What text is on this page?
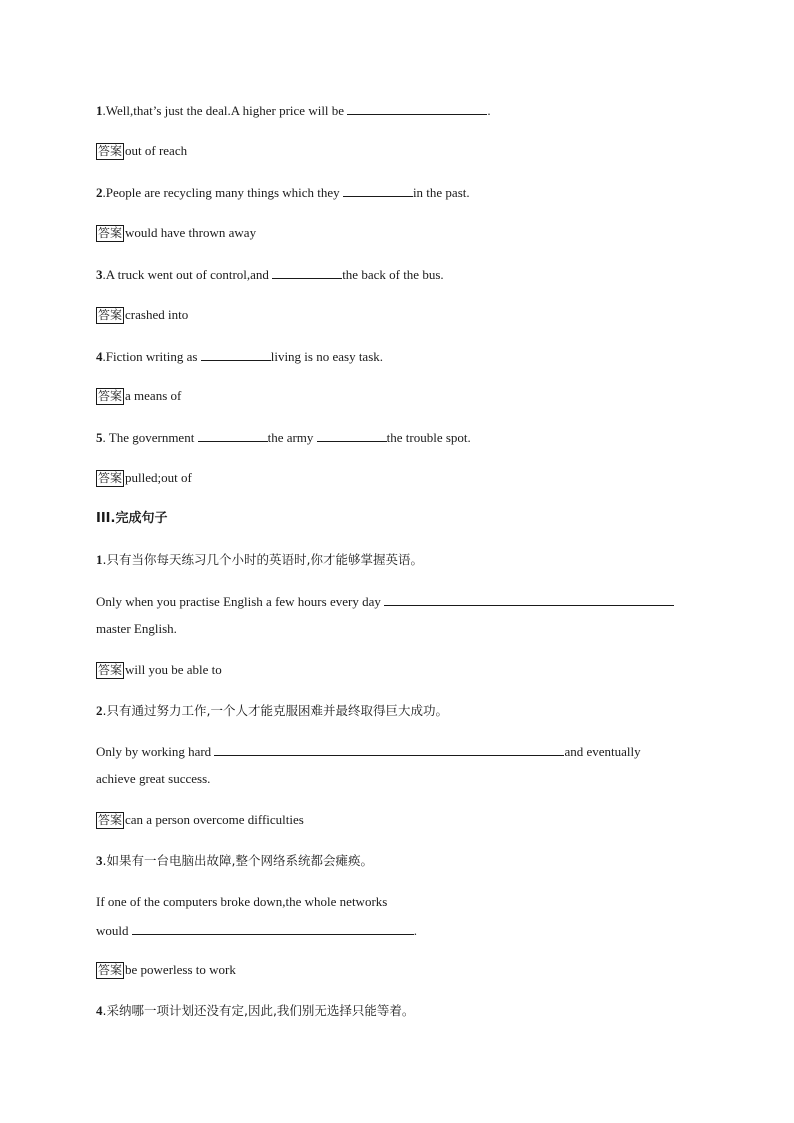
1.Well,that’s just the deal.A higher price will be	.
答案 out of reach
2.People are recycling many things which they	in the past.
答案 would have thrown away
3.A truck went out of control,and	the back of the bus.
答案 crashed into
4.Fiction writing as	living is no easy task.
答案 a means of
5. The government	the army	the trouble spot.
答案 pulled;out of
III.完成句子
1.只有当你每天练习几个小时的英语时,你才能够掌握英语。
Only when you practise English a few hours every day
master English.
答案 will you be able to
2.只有通过努力工作,一个人才能克服困难并最终取得巨大成功。
Only by working hard	and eventually
achieve great success.
答案 can a person overcome difficulties
3.如果有一台电脑出故障,整个网络系统都会瘫痪。
If one of the computers broke down,the whole networks
would	.
答案 be powerless to work
4.采纳哪一项计划还没有定,因此,我们别无选择只能等着。
